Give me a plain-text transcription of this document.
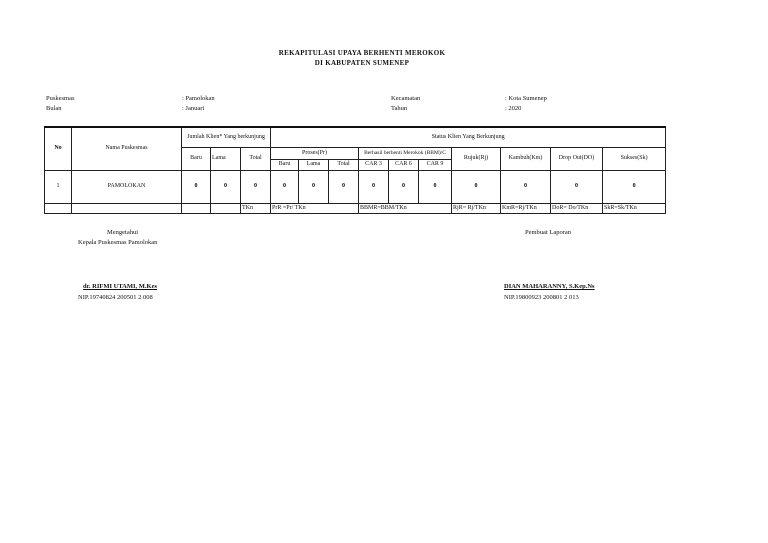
REKAPITULASI UPAYA BERHENTI MEROKOK
DI KABUPATEN SUMENEP
Puskesmas	: Pamolokan
Bulan	: Januari
Kecamatan	: Kota Sumenep
Tahun	: 2020
No	Nama Puskesmas	Jumlah Klien* Yang berkunjung			Status Klien Yang Berkunjung									
		Baru	Lama	Total	Proses(Pr)			Berhasil berhenti Merokok (BBM)/C			Rujuk(Rj)	Kambuh(Km)	Drop Out(DO)	Sukses(Sk)
					Baru	Lama	Total	CAR 3	CAR 6	CAR 9				
1	PAMOLOKAN	0	0	0	0	0	0	0	0	0	0	0	0	0
				TKn	PrR =Pr/ TKn			BBMR=BBM/TKn			RjR= Rj/TKn	KmR=Rj/TKn	DoR= Do/TKn	SkR=Sk/TKn
Mengetahui
Kepala Puskesmas Pamolokan
dr. RIFMI UTAMI, M.Kes
NIP.19740824 200501 2 008
Pembuat Laporan
DIAN MAHARANNY, S.Kep.Ns
NIP.19800923 200801 2 013
